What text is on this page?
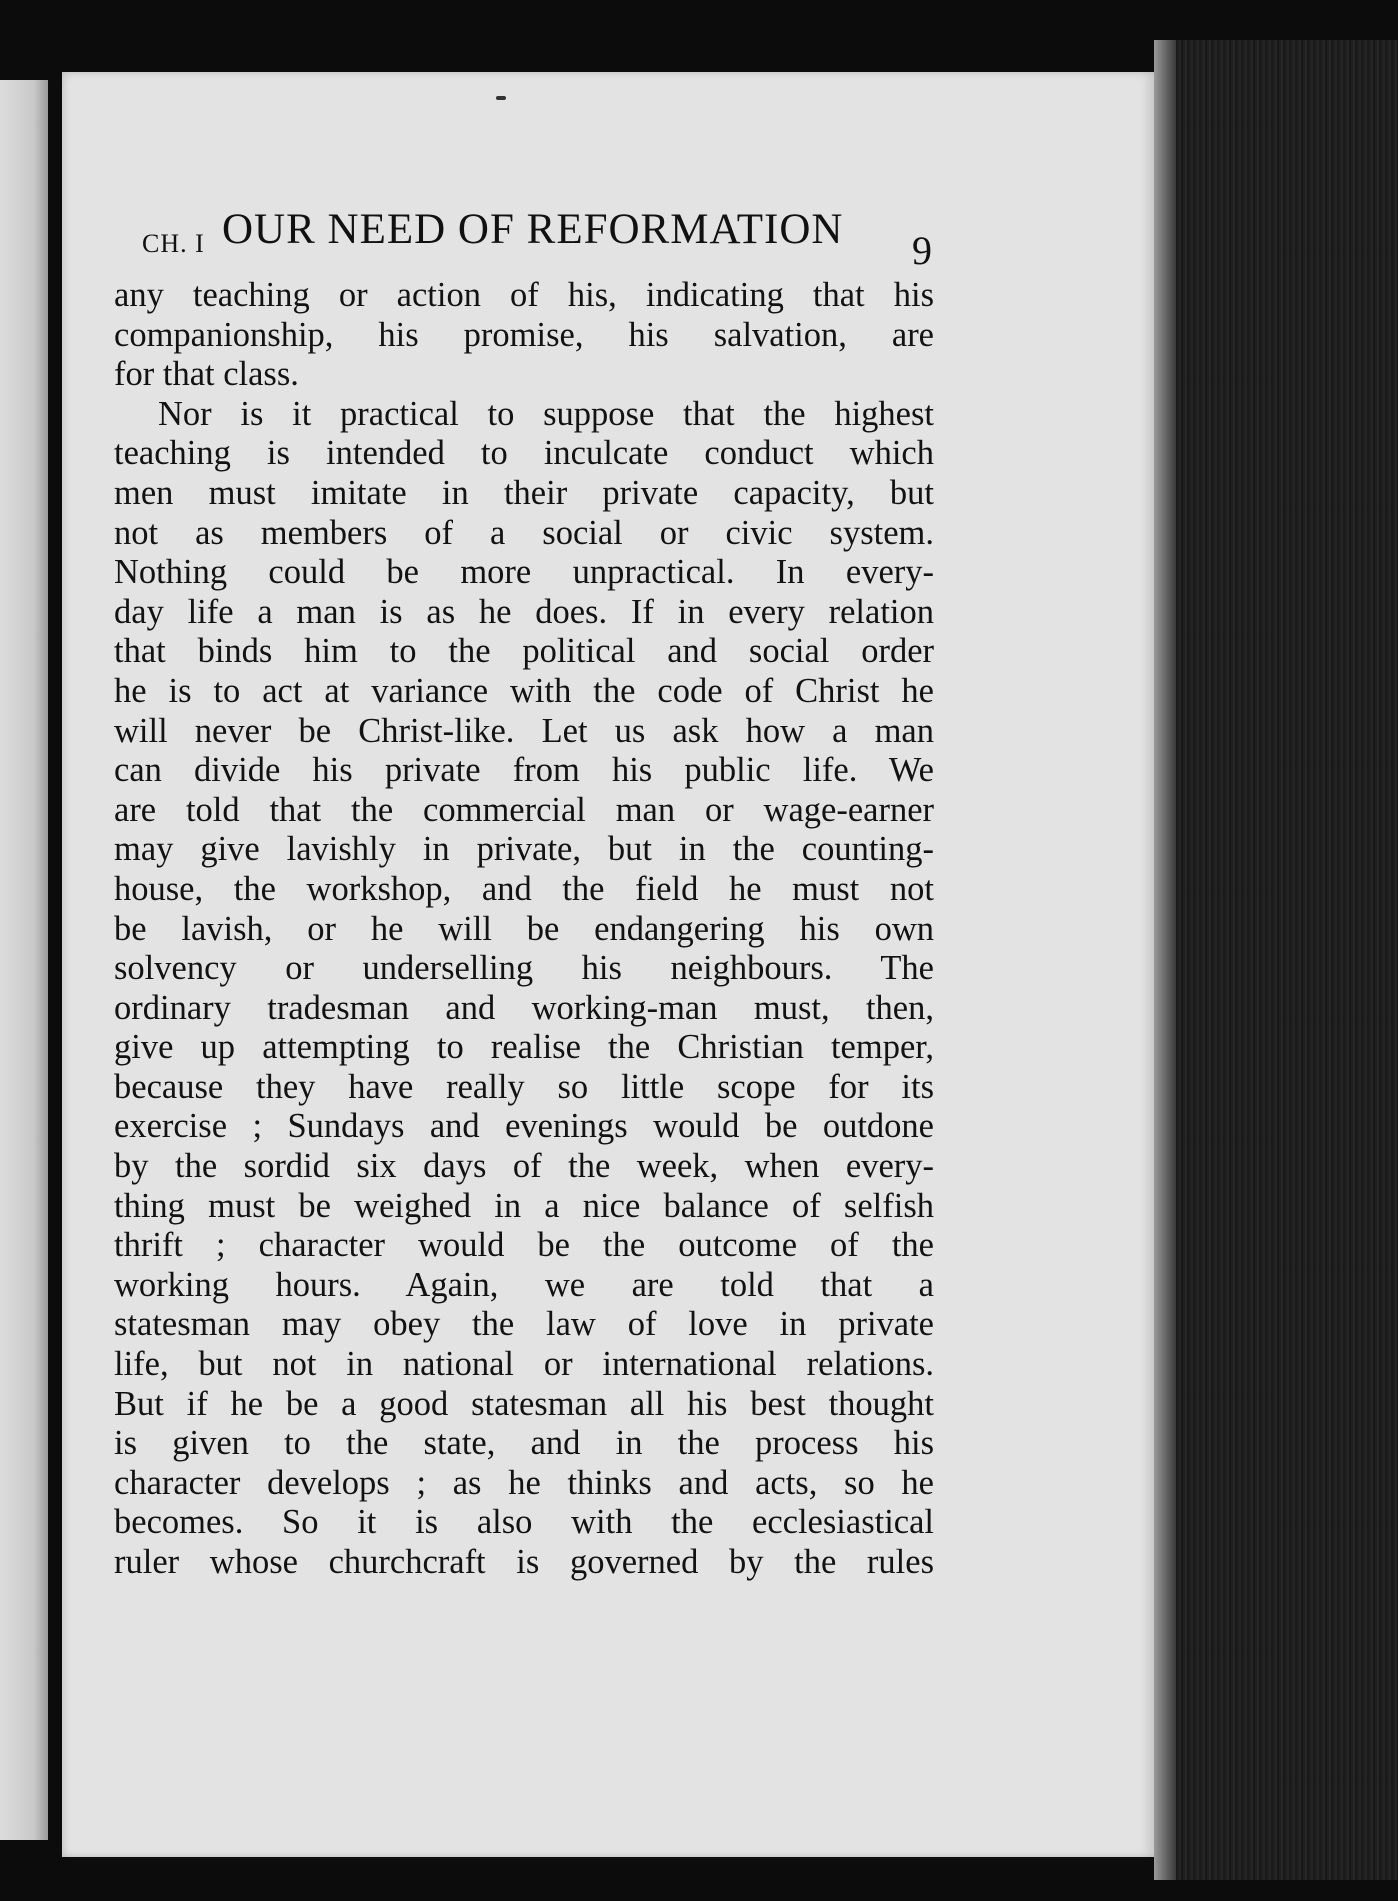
CH. I OUR NEED OF REFORMATION 9
any teaching or action of his, indicating that his
companionship, his promise, his salvation, are
for that class.
Nor is it practical to suppose that the highest
teaching is intended to inculcate conduct which
men must imitate in their private capacity, but
not as members of a social or civic system.
Nothing could be more unpractical. In every-
day life a man is as he does. If in every relation
that binds him to the political and social order
he is to act at variance with the code of Christ he
will never be Christ-like. Let us ask how a man
can divide his private from his public life. We
are told that the commercial man or wage-earner
may give lavishly in private, but in the counting-
house, the workshop, and the field he must not
be lavish, or he will be endangering his own
solvency or underselling his neighbours. The
ordinary tradesman and working-man must, then,
give up attempting to realise the Christian temper,
because they have really so little scope for its
exercise ; Sundays and evenings would be outdone
by the sordid six days of the week, when every-
thing must be weighed in a nice balance of selfish
thrift ; character would be the outcome of the
working hours. Again, we are told that a
statesman may obey the law of love in private
life, but not in national or international relations.
But if he be a good statesman all his best thought
is given to the state, and in the process his
character develops ; as he thinks and acts, so he
becomes. So it is also with the ecclesiastical
ruler whose churchcraft is governed by the rules
